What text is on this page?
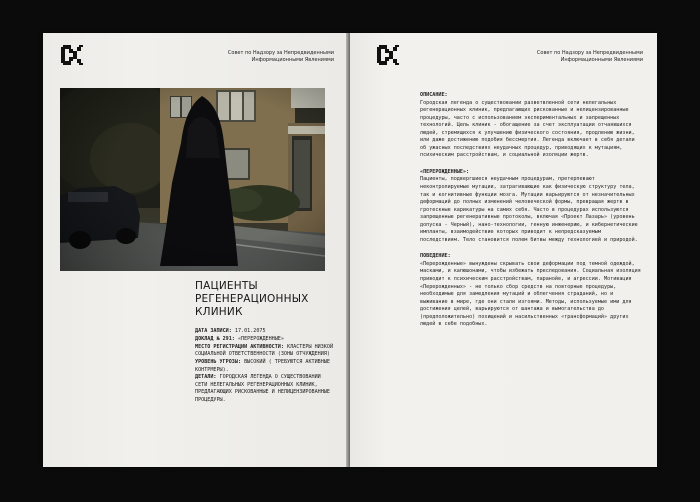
Совет по Надзору за Непредвиденными
Информационными Явлениями
ПАЦИЕНТЫ
РЕГЕНЕРАЦИОННЫХ
КЛИНИК
ДАТА ЗАПИСИ: 17.01.2075
ДОКЛАД № 291: «ПЕРЕРОЖДЕННЫЕ»
МЕСТО РЕГИСТРАЦИИ АКТИВНОСТИ: КЛАСТЕРЫ НИЗКОЙ СОЦИАЛЬНОЙ ОТВЕТСТВЕННОСТИ (ЗОНЫ ОТЧУЖДЕНИЯ)
УРОВЕНЬ УГРОЗЫ: ВЫСОКИЙ ( ТРЕБУЮТСЯ АКТИВНЫЕ КОНТРМЕРЫ).
ДЕТАЛИ: ГОРОДСКАЯ ЛЕГЕНДА О СУЩЕСТВОВАНИИ СЕТИ НЕЛЕГАЛЬНЫХ РЕГЕНЕРАЦИОННЫХ КЛИНИК, ПРЕДЛАГАЮЩИХ РИСКОВАННЫЕ И НЕЛИЦЕНЗИРОВАННЫЕ ПРОЦЕДУРЫ.
Совет по Надзору за Непредвиденными
Информационными Явлениями

ОПИСАНИЕ:

Городская легенда о существовании разветвленной сети нелегальных регенерационных клиник, предлагающих рискованные и нелицензированные процедуры, часто с использованием экспериментальных и запрещенных технологий. Цель клиник - обогащение за счет эксплуатации отчаявшихся людей, стремящихся к улучшению физического состояния, продлению жизни, или даже достижению подобия бессмертия. Легенда включает в себя детали об ужасных последствиях неудачных процедур, приводящих к мутациям, психическим расстройствам, и социальной изоляции жертв.

«ПЕРЕРОЖДЕННЫЕ»:

Пациенты, подвергшиеся неудачным процедурам, претерпевают неконтролируемые мутации, затрагивающие как физическую структуру тела, так и когнитивные функции мозга. Мутации варьируются от незначительных деформаций до полных изменений человеческой формы, превращая жертв в гротескные карикатуры на самих себя. Часто в процедурах используются запрещенные регенеративные протоколы, включая «Проект Лазарь» (уровень допуска - Черный), нано-технологии, генную инженерию, и кибернетические импланты, взаимодействие которых приводит к непредсказуемым последствиям. Тело становится полем битвы между технологией и природой.

ПОВЕДЕНИЕ:

«Перерожденные» вынуждены скрывать свои деформации под темной одеждой, масками, и капюшонами, чтобы избежать преследования. Социальная изоляция приводит к психическим расстройствам, паранойе, и агрессии. Мотивация «Перерожденных» - не только сбор средств на повторные процедуры, необходимые для замедления мутаций и облегчения страданий, но и выживание в мире, где они стали изгоями. Методы, используемые ими для достижения целей, варьируются от шантажа и вымогательства до (предположительно) похищений и насильственных «трансформаций» других людей в себе подобных.
